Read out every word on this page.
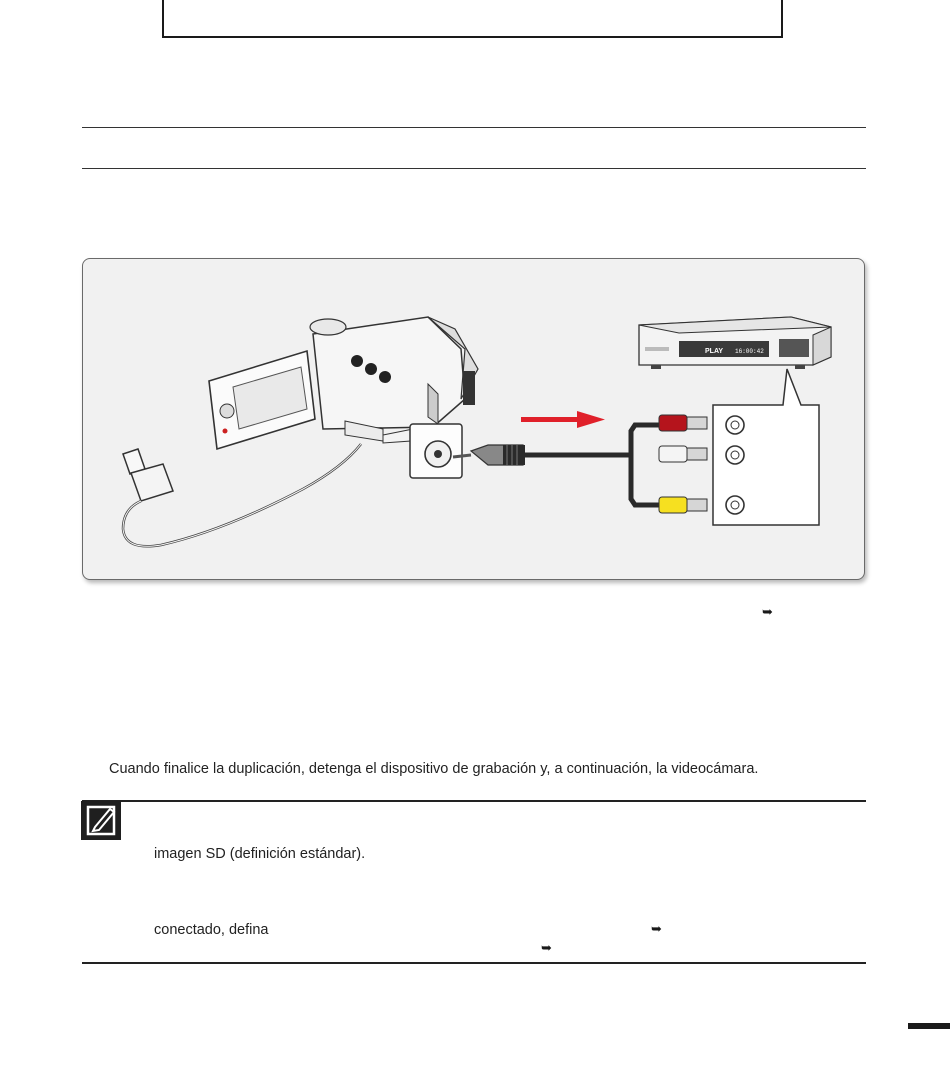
PLAY 16:00:42
➥
Cuando finalice la duplicación, detenga el dispositivo de grabación y, a continuación, la videocámara.
imagen SD (definición estándar).
conectado, defina	➥
➥
